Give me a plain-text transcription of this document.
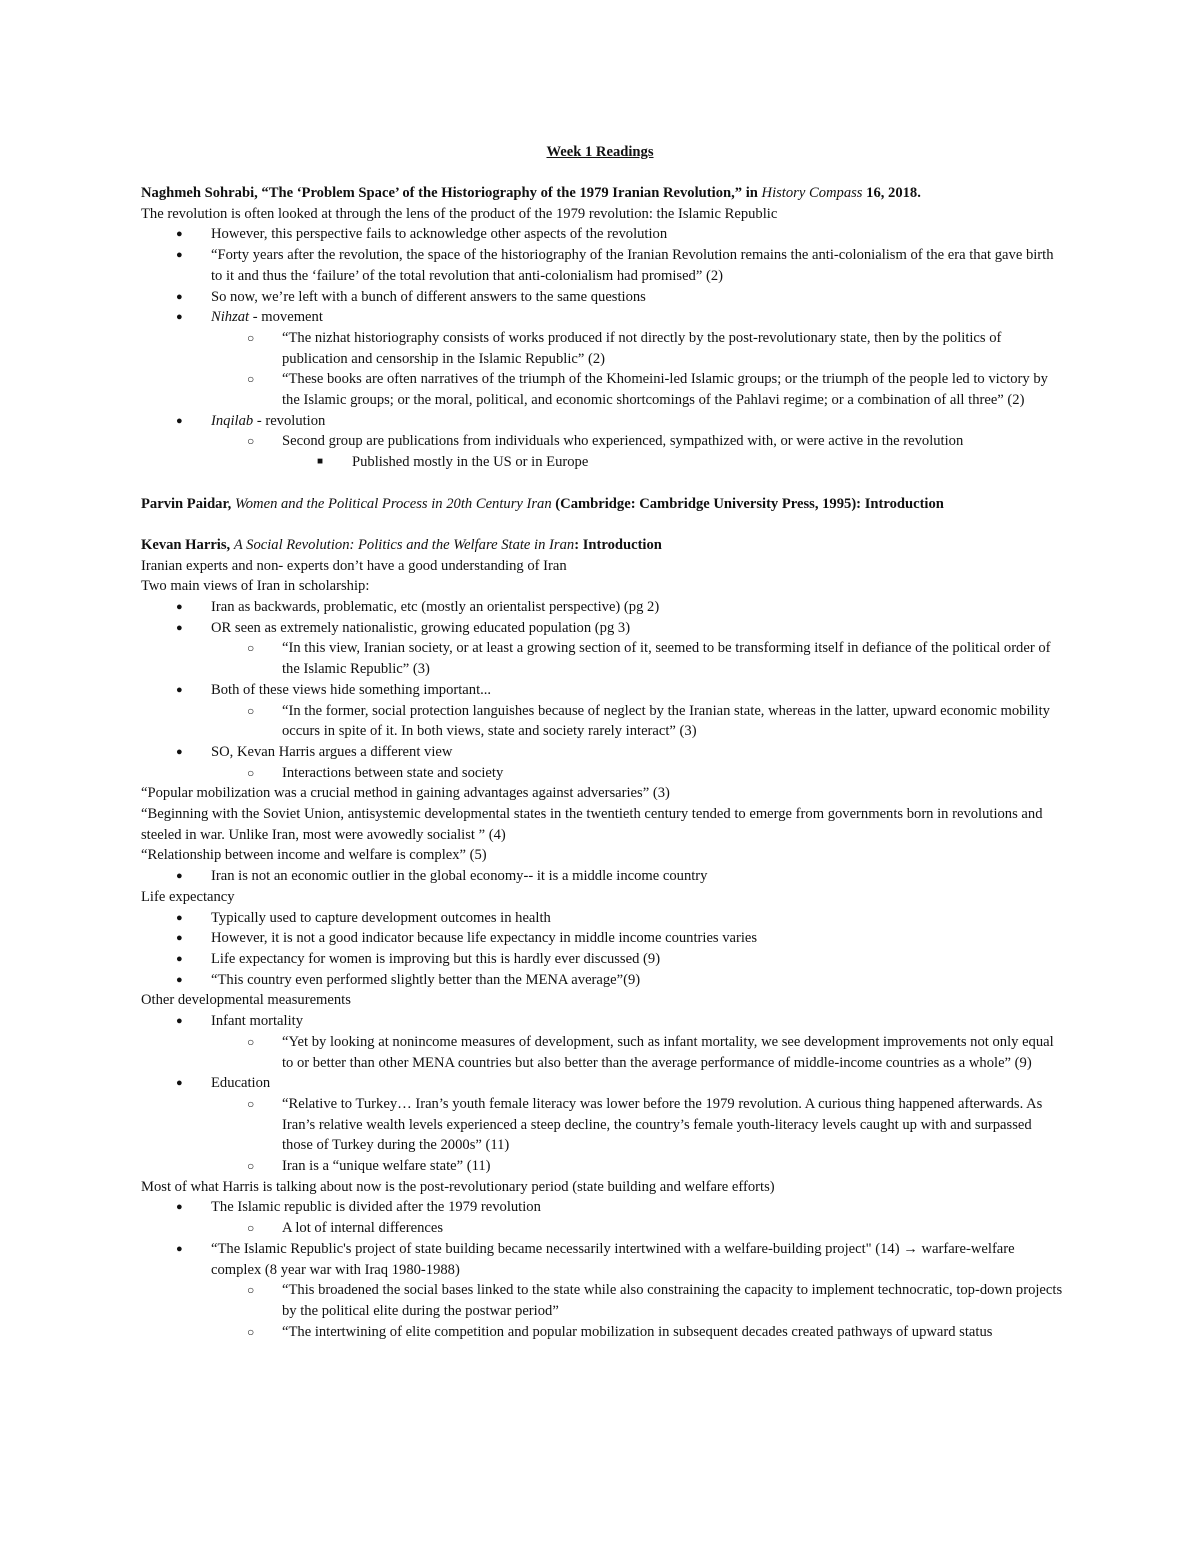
Week 1 Readings

Naghmeh Sohrabi, “The ‘Problem Space’ of the Historiography of the 1979 Iranian Revolution,” in History Compass 16, 2018.

The revolution is often looked at through the lens of the product of the 1979 revolution: the Islamic Republic

● However, this perspective fails to acknowledge other aspects of the revolution
● “Forty years after the revolution, the space of the historiography of the Iranian Revolution remains the anti-colonialism of the era that gave birth to it and thus the ‘failure’ of the total revolution that anti-colonialism had promised” (2)
● So now, we’re left with a bunch of different answers to the same questions
● Nihzat - movement
○ “The nizhat historiography consists of works produced if not directly by the post-revolutionary state, then by the politics of publication and censorship in the Islamic Republic” (2)
○ “These books are often narratives of the triumph of the Khomeini-led Islamic groups; or the triumph of the people led to victory by the Islamic groups; or the moral, political, and economic shortcomings of the Pahlavi regime; or a combination of all three” (2)
● Inqilab - revolution
○ Second group are publications from individuals who experienced, sympathized with, or were active in the revolution
■ Published mostly in the US or in Europe

Parvin Paidar, Women and the Political Process in 20th Century Iran (Cambridge: Cambridge University Press, 1995): Introduction

Kevan Harris, A Social Revolution: Politics and the Welfare State in Iran: Introduction

Iranian experts and non- experts don’t have a good understanding of Iran

Two main views of Iran in scholarship:

● Iran as backwards, problematic, etc (mostly an orientalist perspective) (pg 2)
● OR seen as extremely nationalistic, growing educated population (pg 3)
○ “In this view, Iranian society, or at least a growing section of it, seemed to be transforming itself in defiance of the political order of the Islamic Republic” (3)
● Both of these views hide something important...
○ “In the former, social protection languishes because of neglect by the Iranian state, whereas in the latter, upward economic mobility occurs in spite of it. In both views, state and society rarely interact” (3)
● SO, Kevan Harris argues a different view
○ Interactions between state and society

“Popular mobilization was a crucial method in gaining advantages against adversaries” (3)

“Beginning with the Soviet Union, antisystemic developmental states in the twentieth century tended to emerge from governments born in revolutions and steeled in war. Unlike Iran, most were avowedly socialist ” (4)

“Relationship between income and welfare is complex” (5)

● Iran is not an economic outlier in the global economy-- it is a middle income country

Life expectancy

● Typically used to capture development outcomes in health
● However, it is not a good indicator because life expectancy in middle income countries varies
● Life expectancy for women is improving but this is hardly ever discussed (9)
● “This country even performed slightly better than the MENA average”(9)

Other developmental measurements

● Infant mortality
○ “Yet by looking at nonincome measures of development, such as infant mortality, we see development improvements not only equal to or better than other MENA countries but also better than the average performance of middle-income countries as a whole” (9)
● Education
○ “Relative to Turkey… Iran’s youth female literacy was lower before the 1979 revolution. A curious thing happened afterwards. As Iran’s relative wealth levels experienced a steep decline, the country’s female youth-literacy levels caught up with and surpassed those of Turkey during the 2000s” (11)
○ Iran is a “unique welfare state” (11)

Most of what Harris is talking about now is the post-revolutionary period (state building and welfare efforts)

● The Islamic republic is divided after the 1979 revolution
○ A lot of internal differences
● “The Islamic Republic's project of state building became necessarily intertwined with a welfare-building project" (14) → warfare-welfare complex (8 year war with Iraq 1980-1988)
○ “This broadened the social bases linked to the state while also constraining the capacity to implement technocratic, top-down projects by the political elite during the postwar period”
○ “The intertwining of elite competition and popular mobilization in subsequent decades created pathways of upward status
